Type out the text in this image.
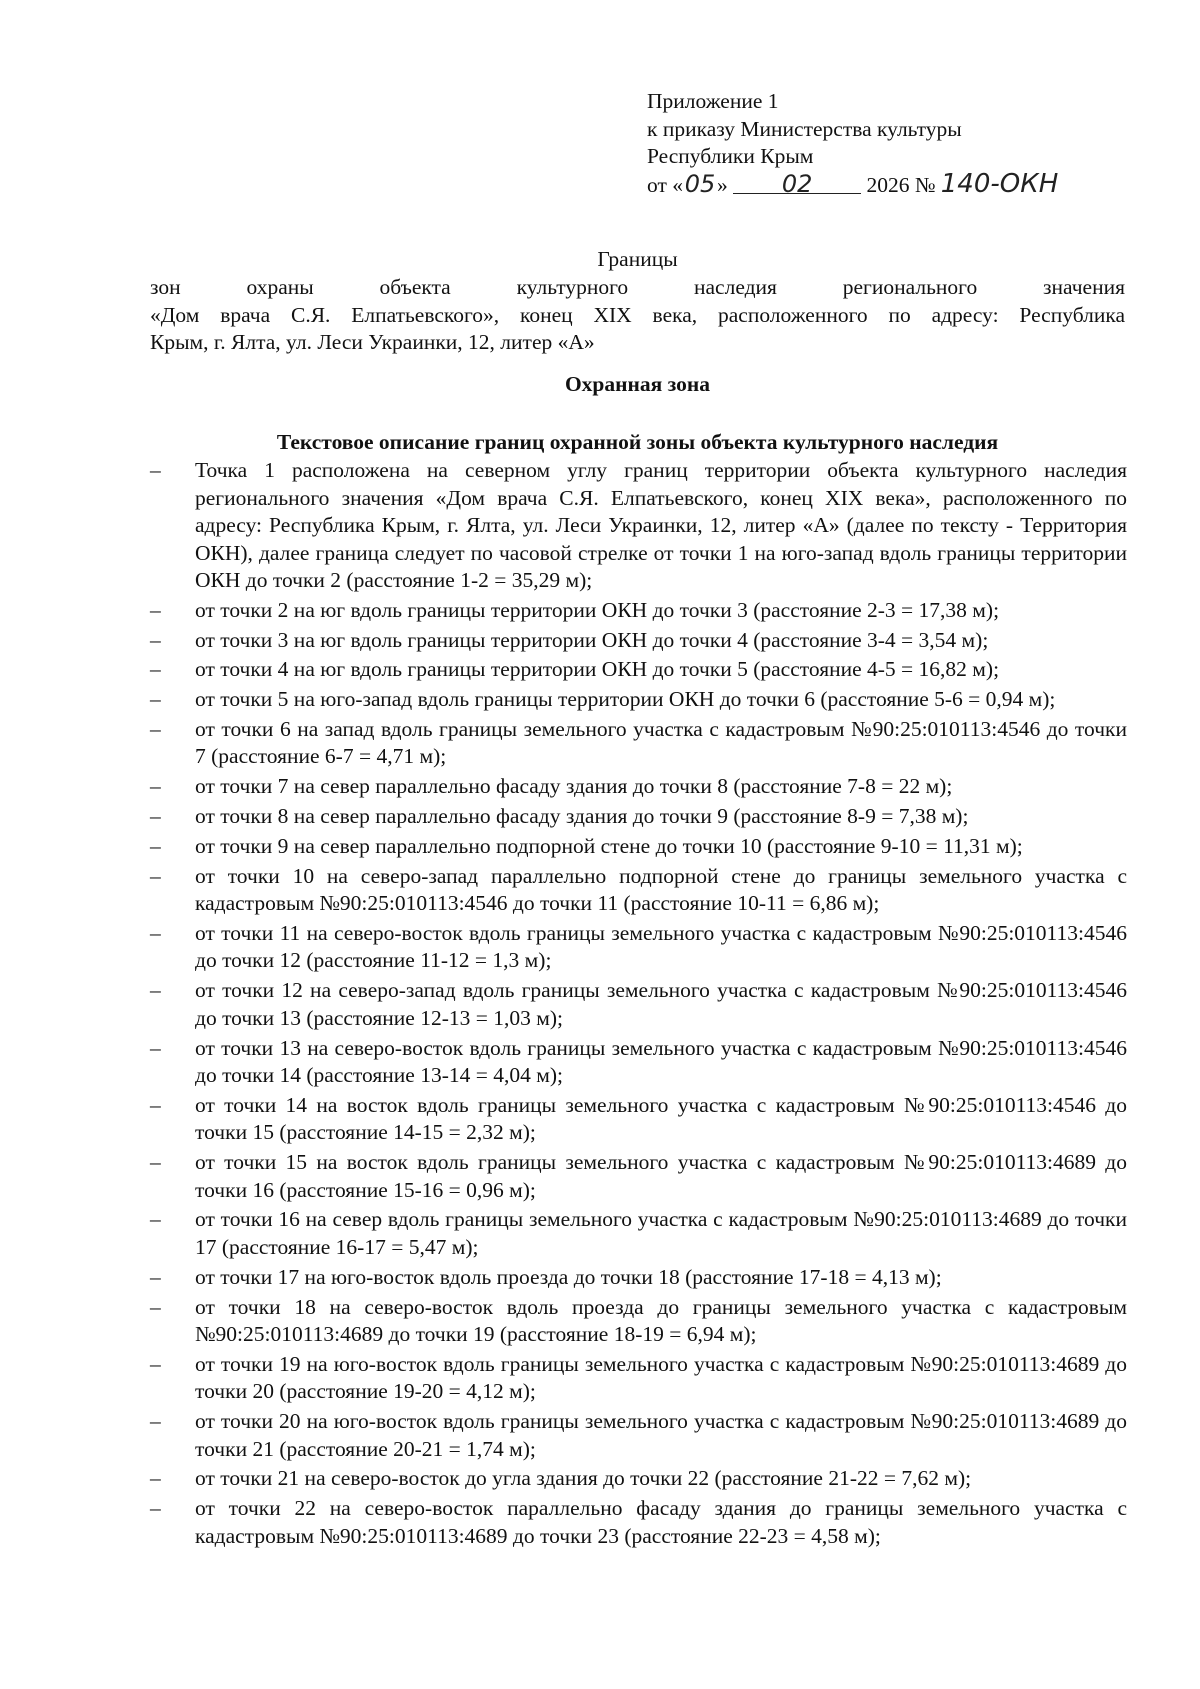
Приложение 1
к приказу Министерства культуры
Республики Крым
от «05» 02	2026 № 140-ОКН
Границы
зон охраны объекта культурного наследия регионального значения
«Дом врача С.Я. Елпатьевского», конец XIX века, расположенного по адресу: Республика
Крым, г. Ялта, ул. Леси Украинки, 12, литер «А»
Охранная зона
Текстовое описание границ охранной зоны объекта культурного наследия
– Точка 1 расположена на северном углу границ территории объекта культурного наследия регионального значения «Дом врача С.Я. Елпатьевского, конец XIX века», расположенного по адресу: Республика Крым, г. Ялта, ул. Леси Украинки, 12, литер «А» (далее по тексту - Территория ОКН), далее граница следует по часовой стрелке от точки 1 на юго-запад вдоль границы территории ОКН до точки 2 (расстояние 1-2 = 35,29 м);
– от точки 2 на юг вдоль границы территории ОКН до точки 3 (расстояние 2-3 = 17,38 м);
– от точки 3 на юг вдоль границы территории ОКН до точки 4 (расстояние 3-4 = 3,54 м);
– от точки 4 на юг вдоль границы территории ОКН до точки 5 (расстояние 4-5 = 16,82 м);
– от точки 5 на юго-запад вдоль границы территории ОКН до точки 6 (расстояние 5-6 = 0,94 м);
– от точки 6 на запад вдоль границы земельного участка с кадастровым №90:25:010113:4546 до точки 7 (расстояние 6-7 = 4,71 м);
– от точки 7 на север параллельно фасаду здания до точки 8 (расстояние 7-8 = 22 м);
– от точки 8 на север параллельно фасаду здания до точки 9 (расстояние 8-9 = 7,38 м);
– от точки 9 на север параллельно подпорной стене до точки 10 (расстояние 9-10 = 11,31 м);
– от точки 10 на северо-запад параллельно подпорной стене до границы земельного участка с кадастровым №90:25:010113:4546 до точки 11 (расстояние 10-11 = 6,86 м);
– от точки 11 на северо-восток вдоль границы земельного участка с кадастровым №90:25:010113:4546 до точки 12 (расстояние 11-12 = 1,3 м);
– от точки 12 на северо-запад вдоль границы земельного участка с кадастровым №90:25:010113:4546 до точки 13 (расстояние 12-13 = 1,03 м);
– от точки 13 на северо-восток вдоль границы земельного участка с кадастровым №90:25:010113:4546 до точки 14 (расстояние 13-14 = 4,04 м);
– от точки 14 на восток вдоль границы земельного участка с кадастровым №90:25:010113:4546 до точки 15 (расстояние 14-15 = 2,32 м);
– от точки 15 на восток вдоль границы земельного участка с кадастровым №90:25:010113:4689 до точки 16 (расстояние 15-16 = 0,96 м);
– от точки 16 на север вдоль границы земельного участка с кадастровым №90:25:010113:4689 до точки 17 (расстояние 16-17 = 5,47 м);
– от точки 17 на юго-восток вдоль проезда до точки 18 (расстояние 17-18 = 4,13 м);
– от точки 18 на северо-восток вдоль проезда до границы земельного участка с кадастровым №90:25:010113:4689 до точки 19 (расстояние 18-19 = 6,94 м);
– от точки 19 на юго-восток вдоль границы земельного участка с кадастровым №90:25:010113:4689 до точки 20 (расстояние 19-20 = 4,12 м);
– от точки 20 на юго-восток вдоль границы земельного участка с кадастровым №90:25:010113:4689 до точки 21 (расстояние 20-21 = 1,74 м);
– от точки 21 на северо-восток до угла здания до точки 22 (расстояние 21-22 = 7,62 м);
– от точки 22 на северо-восток параллельно фасаду здания до границы земельного участка с кадастровым №90:25:010113:4689 до точки 23 (расстояние 22-23 = 4,58 м);
